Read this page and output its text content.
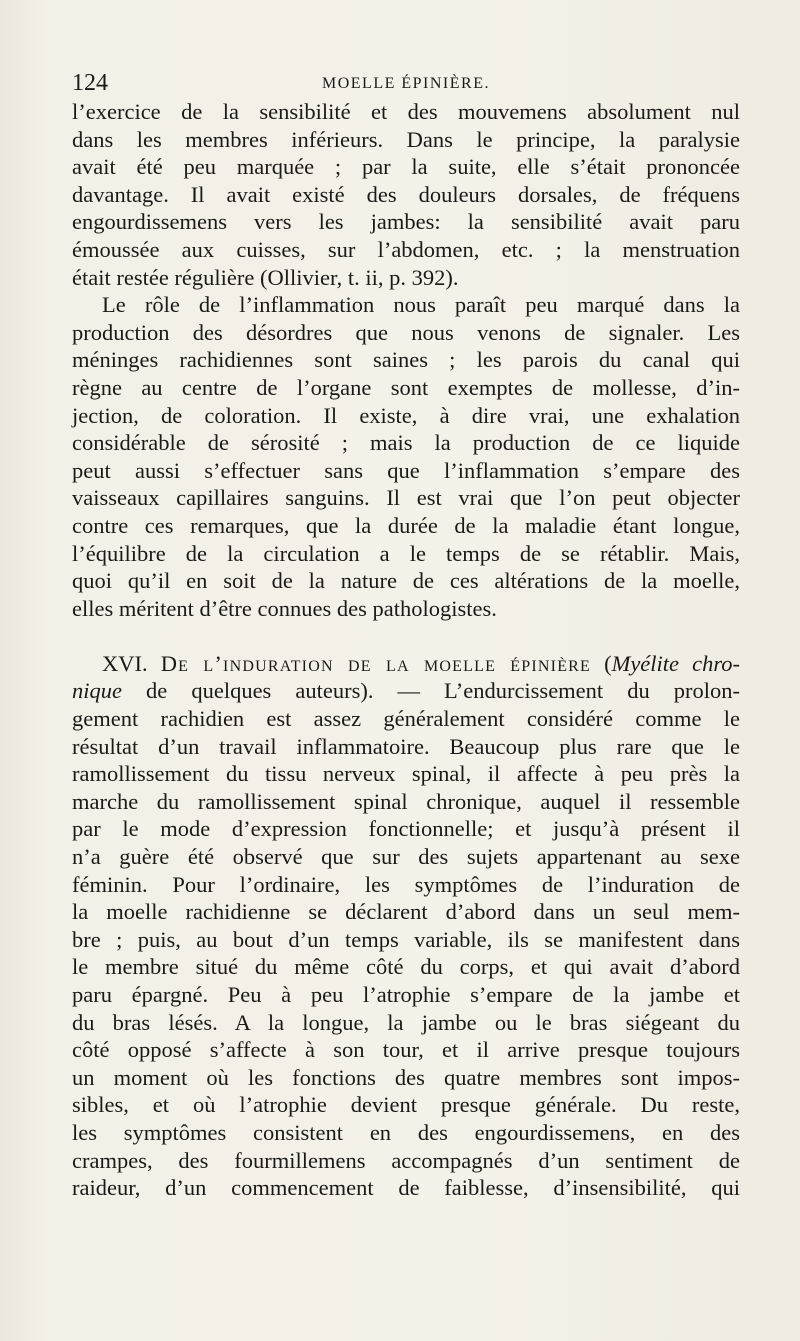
124	MOELLE ÉPINIÈRE.
l’exercice de la sensibilité et des mouvemens absolument nul
dans les membres inférieurs. Dans le principe, la paralysie
avait été peu marquée ; par la suite, elle s’était prononcée
davantage. Il avait existé des douleurs dorsales, de fréquens
engourdissemens vers les jambes: la sensibilité avait paru
émoussée aux cuisses, sur l’abdomen, etc. ; la menstruation
était restée régulière (Ollivier, t. ii, p. 392).
Le rôle de l’inflammation nous paraît peu marqué dans la
production des désordres que nous venons de signaler. Les
méninges rachidiennes sont saines ; les parois du canal qui
règne au centre de l’organe sont exemptes de mollesse, d’in-
jection, de coloration. Il existe, à dire vrai, une exhalation
considérable de sérosité ; mais la production de ce liquide
peut aussi s’effectuer sans que l’inflammation s’empare des
vaisseaux capillaires sanguins. Il est vrai que l’on peut objecter
contre ces remarques, que la durée de la maladie étant longue,
l’équilibre de la circulation a le temps de se rétablir. Mais,
quoi qu’il en soit de la nature de ces altérations de la moelle,
elles méritent d’être connues des pathologistes.
XVI. De l’induration de la moelle épinière (Myélite chro-
nique de quelques auteurs). — L’endurcissement du prolon-
gement rachidien est assez généralement considéré comme le
résultat d’un travail inflammatoire. Beaucoup plus rare que le
ramollissement du tissu nerveux spinal, il affecte à peu près la
marche du ramollissement spinal chronique, auquel il ressemble
par le mode d’expression fonctionnelle; et jusqu’à présent il
n’a guère été observé que sur des sujets appartenant au sexe
féminin. Pour l’ordinaire, les symptômes de l’induration de
la moelle rachidienne se déclarent d’abord dans un seul mem-
bre ; puis, au bout d’un temps variable, ils se manifestent dans
le membre situé du même côté du corps, et qui avait d’abord
paru épargné. Peu à peu l’atrophie s’empare de la jambe et
du bras lésés. A la longue, la jambe ou le bras siégeant du
côté opposé s’affecte à son tour, et il arrive presque toujours
un moment où les fonctions des quatre membres sont impos-
sibles, et où l’atrophie devient presque générale. Du reste,
les symptômes consistent en des engourdissemens, en des
crampes, des fourmillemens accompagnés d’un sentiment de
raideur, d’un commencement de faiblesse, d’insensibilité, qui
